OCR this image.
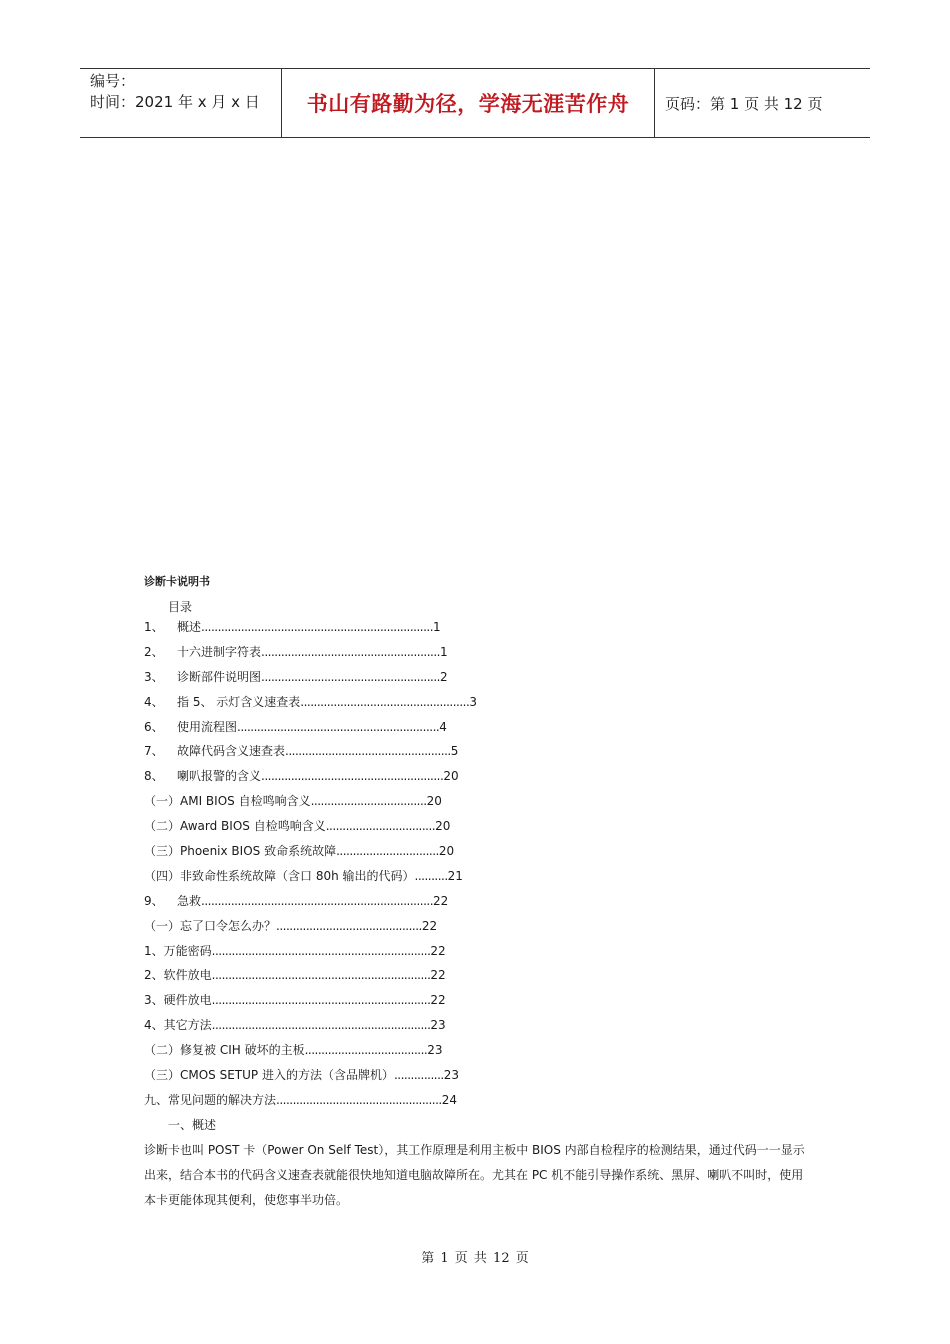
编号：
时间：2021 年 x 月 x 日	书山有路勤为径，学海无涯苦作舟	页码：第 1 页 共 12 页
诊断卡说明书
目录
1、 概述......................................................................1
2、 十六进制字符表......................................................1
3、 诊断部件说明图......................................................2
4、 指 5、 示灯含义速查表...................................................3
6、 使用流程图.............................................................4
7、 故障代码含义速查表..................................................5
8、 喇叭报警的含义.......................................................20
（一）AMI BIOS 自检鸣响含义...................................20
（二）Award BIOS 自检鸣响含义.................................20
（三）Phoenix BIOS 致命系统故障...............................20
（四）非致命性系统故障（含口 80h 输出的代码）..........21
9、 急救......................................................................22
（一）忘了口令怎么办？............................................22
1、万能密码..................................................................22
2、软件放电..................................................................22
3、硬件放电..................................................................22
4、其它方法..................................................................23
（二）修复被 CIH 破坏的主板.....................................23
（三）CMOS SETUP 进入的方法（含品牌机）...............23
九、常见问题的解决方法..................................................24
一、概述

诊断卡也叫 POST 卡（Power On Self Test），其工作原理是利用主板中 BIOS 内部自检程序的检测结果，通过代码一一显示出来，结合本书的代码含义速查表就能很快地知道电脑故障所在。尤其在 PC 机不能引导操作系统、黑屏、喇叭不叫时，使用本卡更能体现其便利，使您事半功倍。

第 1 页 共 12 页
